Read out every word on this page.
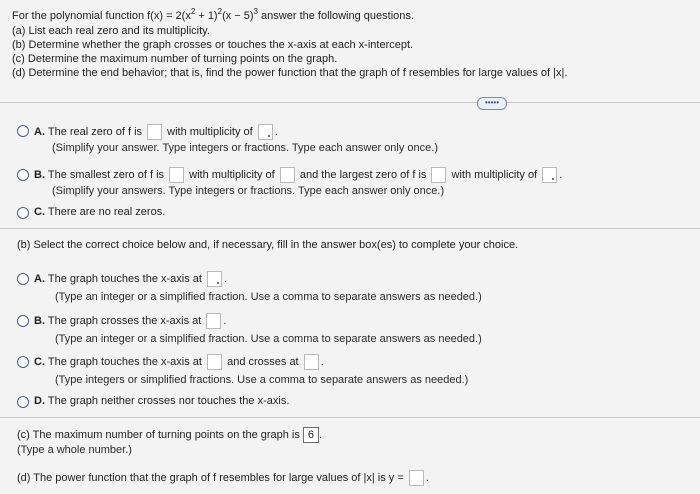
For the polynomial function $f(x) = 2(x^2 + 1)^2(x - 5)^3$ answer the following questions.
(a) List each real zero and its multiplicity.
(b) Determine whether the graph crosses or touches the x-axis at each x-intercept.
(c) Determine the maximum number of turning points on the graph.
(d) Determine the end behavior; that is, find the power function that the graph of f resembles for large values of |x|.
•••••
A. The real zero of f is with multiplicity of .
(Simplify your answer. Type integers or fractions. Type each answer only once.)
B. The smallest zero of f is with multiplicity of and the largest zero of f is with multiplicity of .
(Simplify your answers. Type integers or fractions. Type each answer only once.)
C. There are no real zeros.
(b) Select the correct choice below and, if necessary, fill in the answer box(es) to complete your choice.
A. The graph touches the x-axis at .
(Type an integer or a simplified fraction. Use a comma to separate answers as needed.)
B. The graph crosses the x-axis at .
(Type an integer or a simplified fraction. Use a comma to separate answers as needed.)
C. The graph touches the x-axis at and crosses at .
(Type integers or simplified fractions. Use a comma to separate answers as needed.)
D. The graph neither crosses nor touches the x-axis.
(c) The maximum number of turning points on the graph is 6 .
(Type a whole number.)
(d) The power function that the graph of f resembles for large values of |x| is y = .
